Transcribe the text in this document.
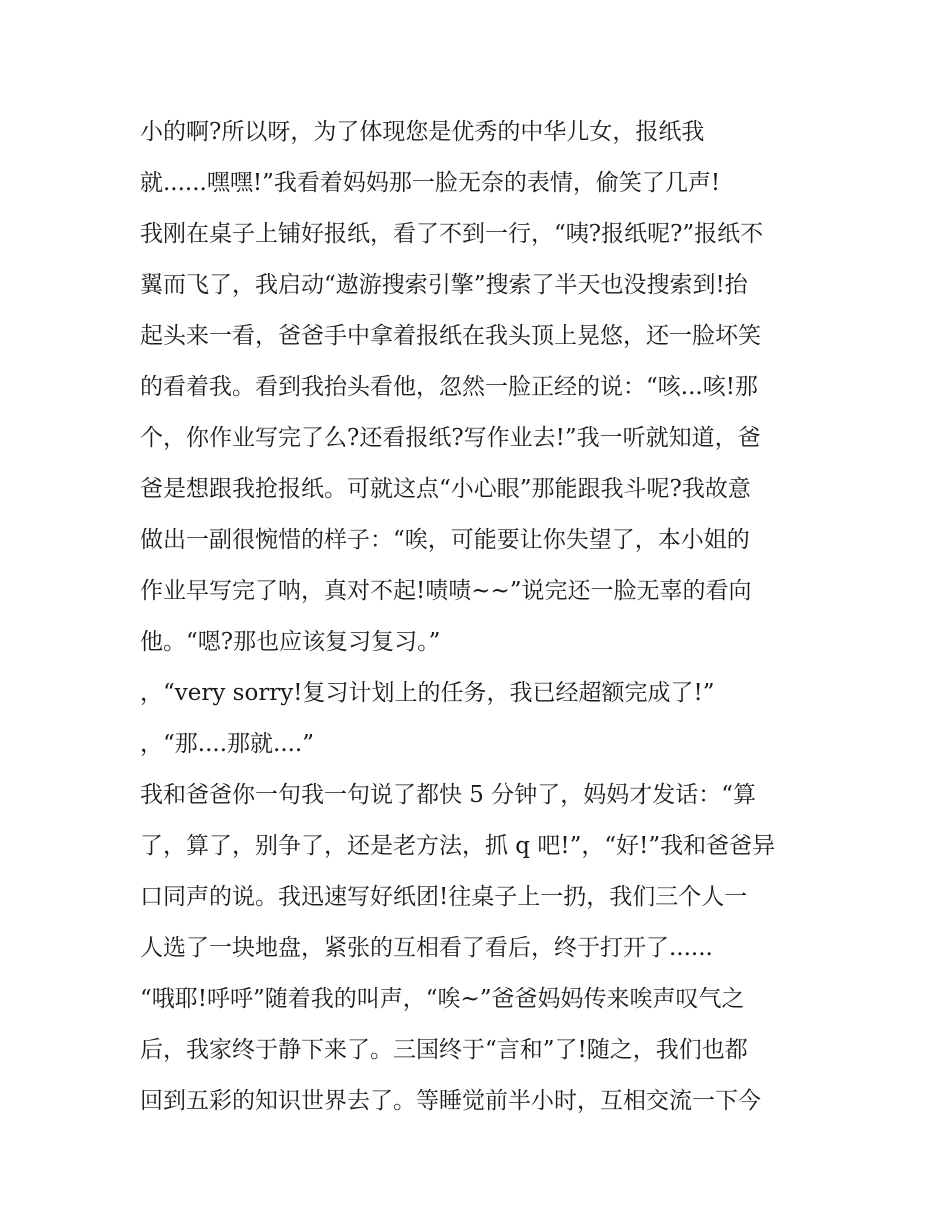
小的啊?所以呀，为了体现您是优秀的中华儿女，报纸我
就......嘿嘿!”我看着妈妈那一脸无奈的表情，偷笑了几声!
我刚在桌子上铺好报纸，看了不到一行，“咦?报纸呢?”报纸不
翼而飞了，我启动“遨游搜索引擎”搜索了半天也没搜索到!抬
起头来一看，爸爸手中拿着报纸在我头顶上晃悠，还一脸坏笑
的看着我。看到我抬头看他，忽然一脸正经的说：“咳...咳!那
个，你作业写完了么?还看报纸?写作业去!”我一听就知道，爸
爸是想跟我抢报纸。可就这点“小心眼”那能跟我斗呢?我故意
做出一副很惋惜的样子：“唉，可能要让你失望了，本小姐的
作业早写完了呐，真对不起!啧啧~~”说完还一脸无辜的看向
他。“嗯?那也应该复习复习。”
，“very sorry!复习计划上的任务，我已经超额完成了!”
，“那....那就....”
我和爸爸你一句我一句说了都快 5 分钟了，妈妈才发话：“算
了，算了，别争了，还是老方法，抓 q 吧!”，“好!”我和爸爸异
口同声的说。我迅速写好纸团!往桌子上一扔，我们三个人一
人选了一块地盘，紧张的互相看了看后，终于打开了......
“哦耶!呼呼”随着我的叫声，“唉~”爸爸妈妈传来唉声叹气之
后，我家终于静下来了。三国终于“言和”了!随之，我们也都
回到五彩的知识世界去了。等睡觉前半小时，互相交流一下今
